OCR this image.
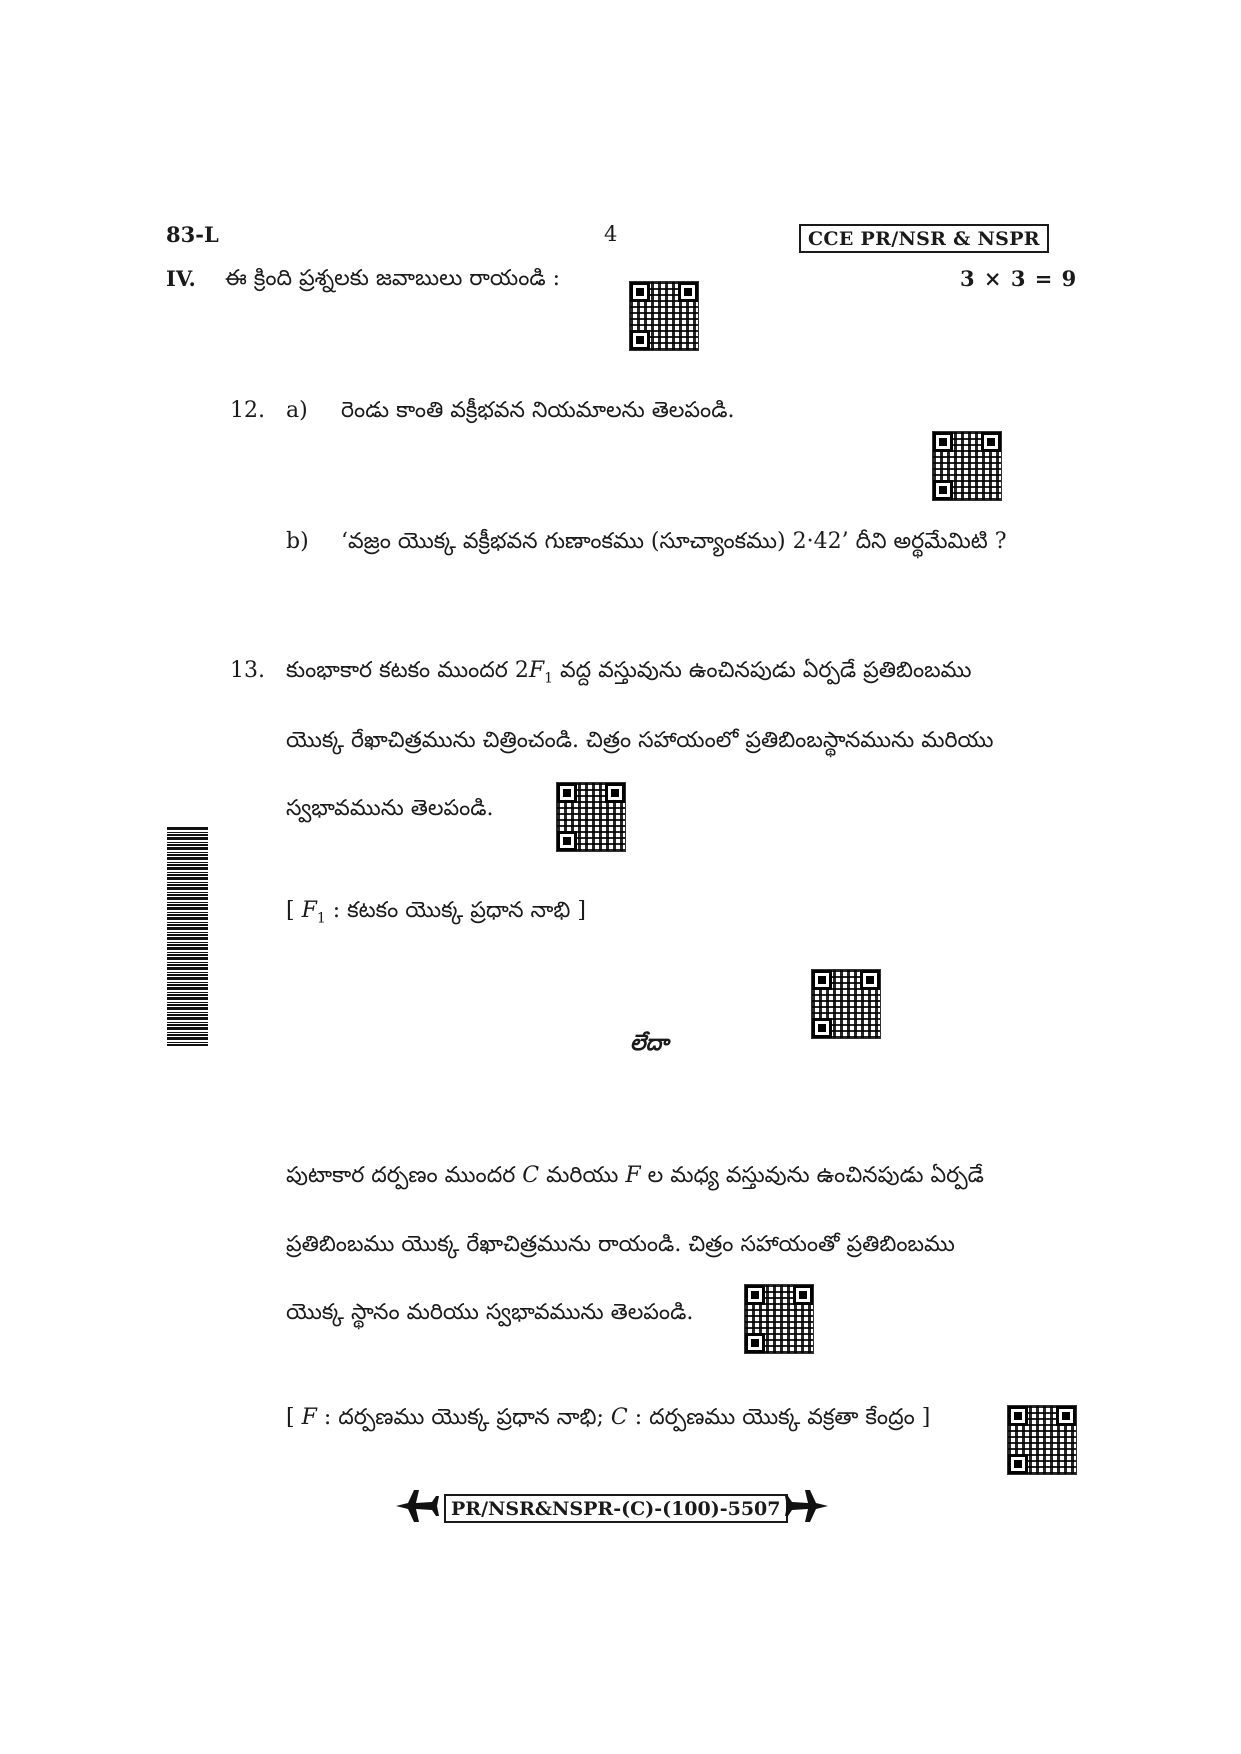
83-L	4	CCE PR/NSR & NSPR
IV. ఈ క్రింది ప్రశ్నలకు జవాబులు రాయండి :	3 × 3 = 9
12. a) రెండు కాంతి వక్రీభవన నియమాలను తెలపండి.
b) ‘వజ్రం యొక్క వక్రీభవన గుణాంకము (సూచ్యాంకము) 2·42’ దీని అర్థమేమిటి ?
13. కుంభాకార కటకం ముందర $2F_1$ వద్ద వస్తువును ఉంచినపుడు ఏర్పడే ప్రతిబింబము
యొక్క రేఖాచిత్రమును చిత్రించండి. చిత్రం సహాయంలో ప్రతిబింబస్థానమును మరియు
స్వభావమును తెలపండి.
[ $F_1$ : కటకం యొక్క ప్రధాన నాభి ]
లేదా
పుటాకార దర్పణం ముందర C మరియు F ల మధ్య వస్తువును ఉంచినపుడు ఏర్పడే
ప్రతిబింబము యొక్క రేఖాచిత్రమును రాయండి. చిత్రం సహాయంతో ప్రతిబింబము
యొక్క స్థానం మరియు స్వభావమును తెలపండి.
[ F : దర్పణము యొక్క ప్రధాన నాభి; C : దర్పణము యొక్క వక్రతా కేంద్రం ]
PR/NSR&NSPR-(C)-(100)-5507
